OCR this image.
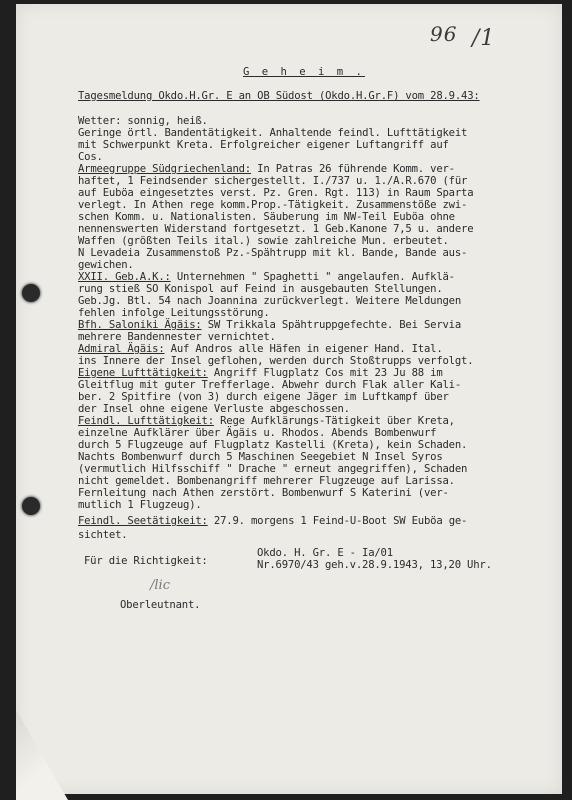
96 /1
G e h e i m .
Tagesmeldung Okdo.H.Gr. E an OB Südost (Okdo.H.Gr.F) vom 28.9.43:
Wetter: sonnig, heiß.
Geringe örtl. Bandentätigkeit. Anhaltende feindl. Lufttätigkeit
mit Schwerpunkt Kreta. Erfolgreicher eigener Luftangriff auf
Cos.
Armeegruppe Südgriechenland: In Patras 26 führende Komm. ver-
haftet, 1 Feindsender sichergestellt. I./737 u. 1./A.R.670 (für
auf Euböa eingesetztes verst. Pz. Gren. Rgt. 113) in Raum Sparta
verlegt. In Athen rege komm.Prop.-Tätigkeit. Zusammenstöße zwi-
schen Komm. u. Nationalisten. Säuberung im NW-Teil Euböa ohne
nennenswerten Widerstand fortgesetzt. 1 Geb.Kanone 7,5 u. andere
Waffen (größten Teils ital.) sowie zahlreiche Mun. erbeutet.
N Levadeia Zusammenstoß Pz.-Spähtrupp mit kl. Bande, Bande aus-
gewichen.
XXII. Geb.A.K.: Unternehmen " Spaghetti " angelaufen. Aufklä-
rung stieß SO Konispol auf Feind in ausgebauten Stellungen.
Geb.Jg. Btl. 54 nach Joannina zurückverlegt. Weitere Meldungen
fehlen infolge Leitungsstörung.
Bfh. Saloniki Ägäis: SW Trikkala Spähtruppgefechte. Bei Servia
mehrere Bandennester vernichtet.
Admiral Ägäis: Auf Andros alle Häfen in eigener Hand. Ital.
ins Innere der Insel geflohen, werden durch Stoßtrupps verfolgt.
Eigene Lufttätigkeit: Angriff Flugplatz Cos mit 23 Ju 88 im
Gleitflug mit guter Trefferlage. Abwehr durch Flak aller Kali-
ber. 2 Spitfire (von 3) durch eigene Jäger im Luftkampf über
der Insel ohne eigene Verluste abgeschossen.
Feindl. Lufttätigkeit: Rege Aufklärungs-Tätigkeit über Kreta,
einzelne Aufklärer über Ägäis u. Rhodos. Abends Bombenwurf
durch 5 Flugzeuge auf Flugplatz Kastelli (Kreta), kein Schaden.
Nachts Bombenwurf durch 5 Maschinen Seegebiet N Insel Syros
(vermutlich Hilfsschiff " Drache " erneut angegriffen), Schaden
nicht gemeldet. Bombenangriff mehrerer Flugzeuge auf Larissa.
Fernleitung nach Athen zerstört. Bombenwurf S Katerini (ver-
mutlich 1 Flugzeug).
Feindl. Seetätigkeit: 27.9. morgens 1 Feind-U-Boot SW Euböa ge-
sichtet.
Okdo. H. Gr. E - Ia/01
Nr.6970/43 geh.v.28.9.1943, 13,20 Uhr.
Für die Richtigkeit:
∕lic
Oberleutnant.
